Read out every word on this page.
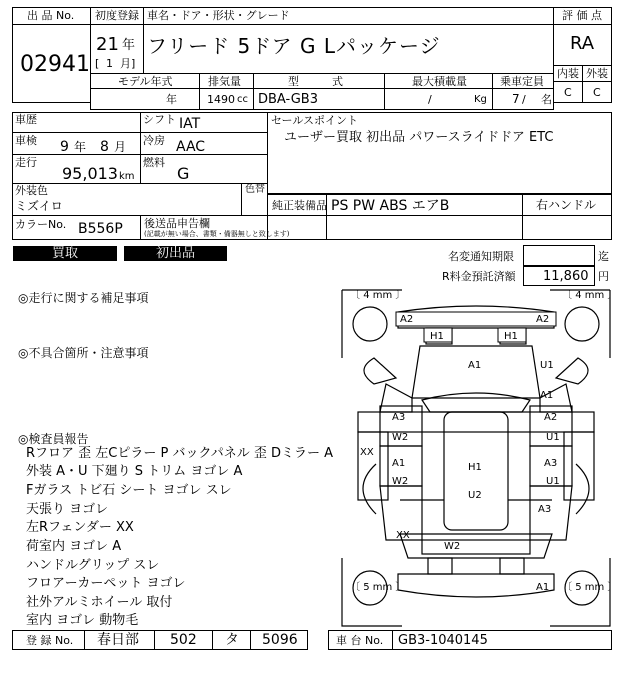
出 品 No.
02941
初度登録 車名・ドア・形状・グレード
21 年
[ 1 月]
フリード 5ドア G Lパッケージ
モデル年式	排気量	型　　　式	最大積載量	乗車定員
年	1490 cc DBA-GB3	/	Kg 7 / 名
評 価 点
RA
内装 外装
C C
車歴	シフト IAT
車検 9 年 8 月 冷房 AAC
走行
95,013 km
燃料
G
外装色
ミズイロ
色替
カラーNo. B556P 後送品申告欄
(記載が無い場合、書類・備器無しと致します)
セールスポイント
ユーザー買取 初出品 パワースライドドア ETC
純正装備品 PS PW ABS エアB	右ハンドル
買取	初出品	名変通知期限	迄
R料金預託済額 11,860 円
◎走行に関する補足事項
◎不具合箇所・注意事項
◎検査員報告
Rフロア 歪 左Cピラー P バックパネル 歪 Dミラー A
外装 A・U 下廻り S トリム ヨゴレ A
Fガラス トビ石 シート ヨゴレ スレ
天張り ヨゴレ
左Rフェンダー XX
荷室内 ヨゴレ A
ハンドルグリップ スレ
フロアーカーペット ヨゴレ
社外アルミホイール 取付
室内 ヨゴレ 動物毛
〔 4 mm 〕	〔 4 mm 〕
〔 5 mm 〕	〔 5 mm 〕
A2	A2
H1	H1
A1	U1
A1
A3	A2
W2	U1
XX
A1	H1	A3
W2
U2
U1
A3
XX
W2
A1
登 録 No. 春日部 502 タ 5096	車 台 No. GB3-1040145
